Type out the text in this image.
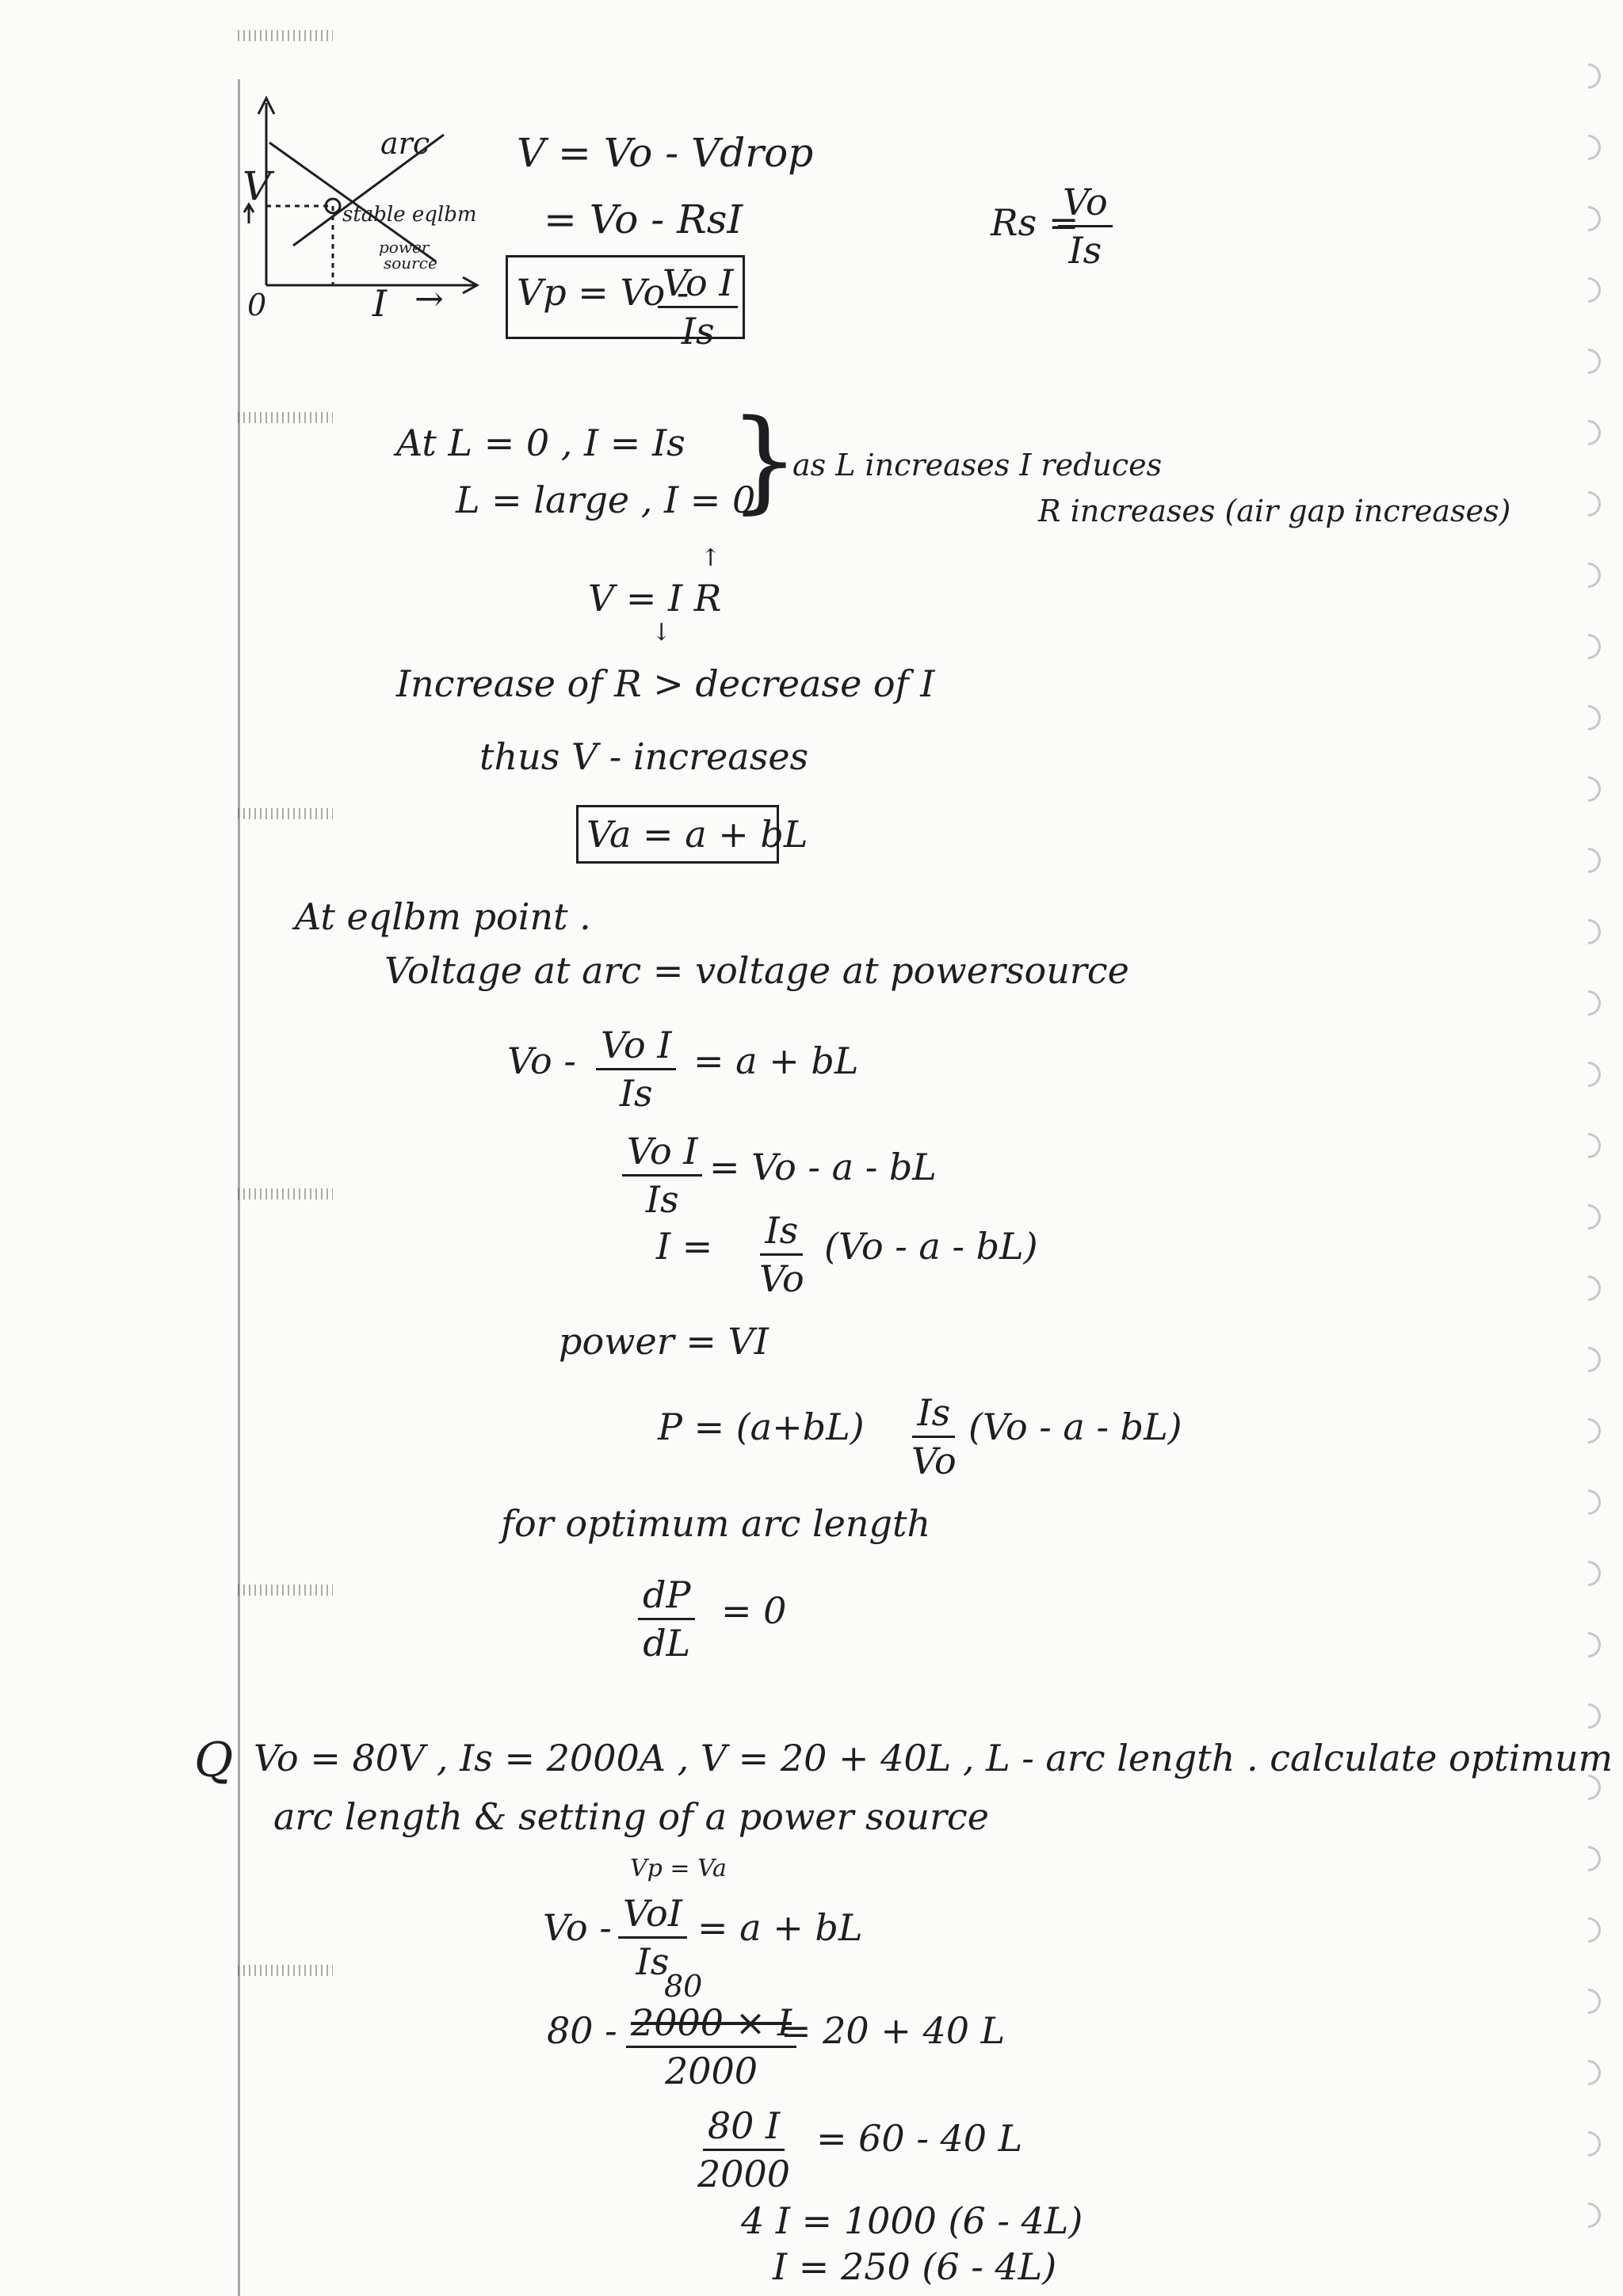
V
0	I →
arc
stable eqlbm
power
source
V = Vo - Vdrop
= Vo - RsI
Vp = Vo -
$\frac{\text{Vo I}}{Is}$
Rs =
$\frac{Vo}{Is}$
At L = 0 , I = Is
L = large , I = 0
}
as L increases I reduces
R increases (air gap increases)
V = I R
↑
↓
Increase of R > decrease of I
thus V - increases
Va = a + bL
At eqlbm point .
Voltage at arc = voltage at powersource
$Vo - \frac{\text{Vo I}}{Is} = a$ + bL
$\frac{\text{Vo I}}{Is} = Vo - a$ - bL
$I = \frac{Is}{Vo} (Vo - a - bL)$
power = VI
$P = (a+bL) \frac{Is}{Vo} (Vo - a - bL)$
for optimum arc length
$\frac{dP}{dL} = 0$
Q Vo = 80V , Is = 2000A , V = 20 + 40L , L - arc length . calculate optimum
arc length & setting of a power source
Vp = Va
Vo - VoI
Is
= a + bL
80 -
80
$\frac{2000 \times I}{2000}$
= 20 + 40 L
$\frac{80 I}{2000} = 60 - 40$ L
4 I = 1000 (6 - 4L)
I = 250 (6 - 4L)
